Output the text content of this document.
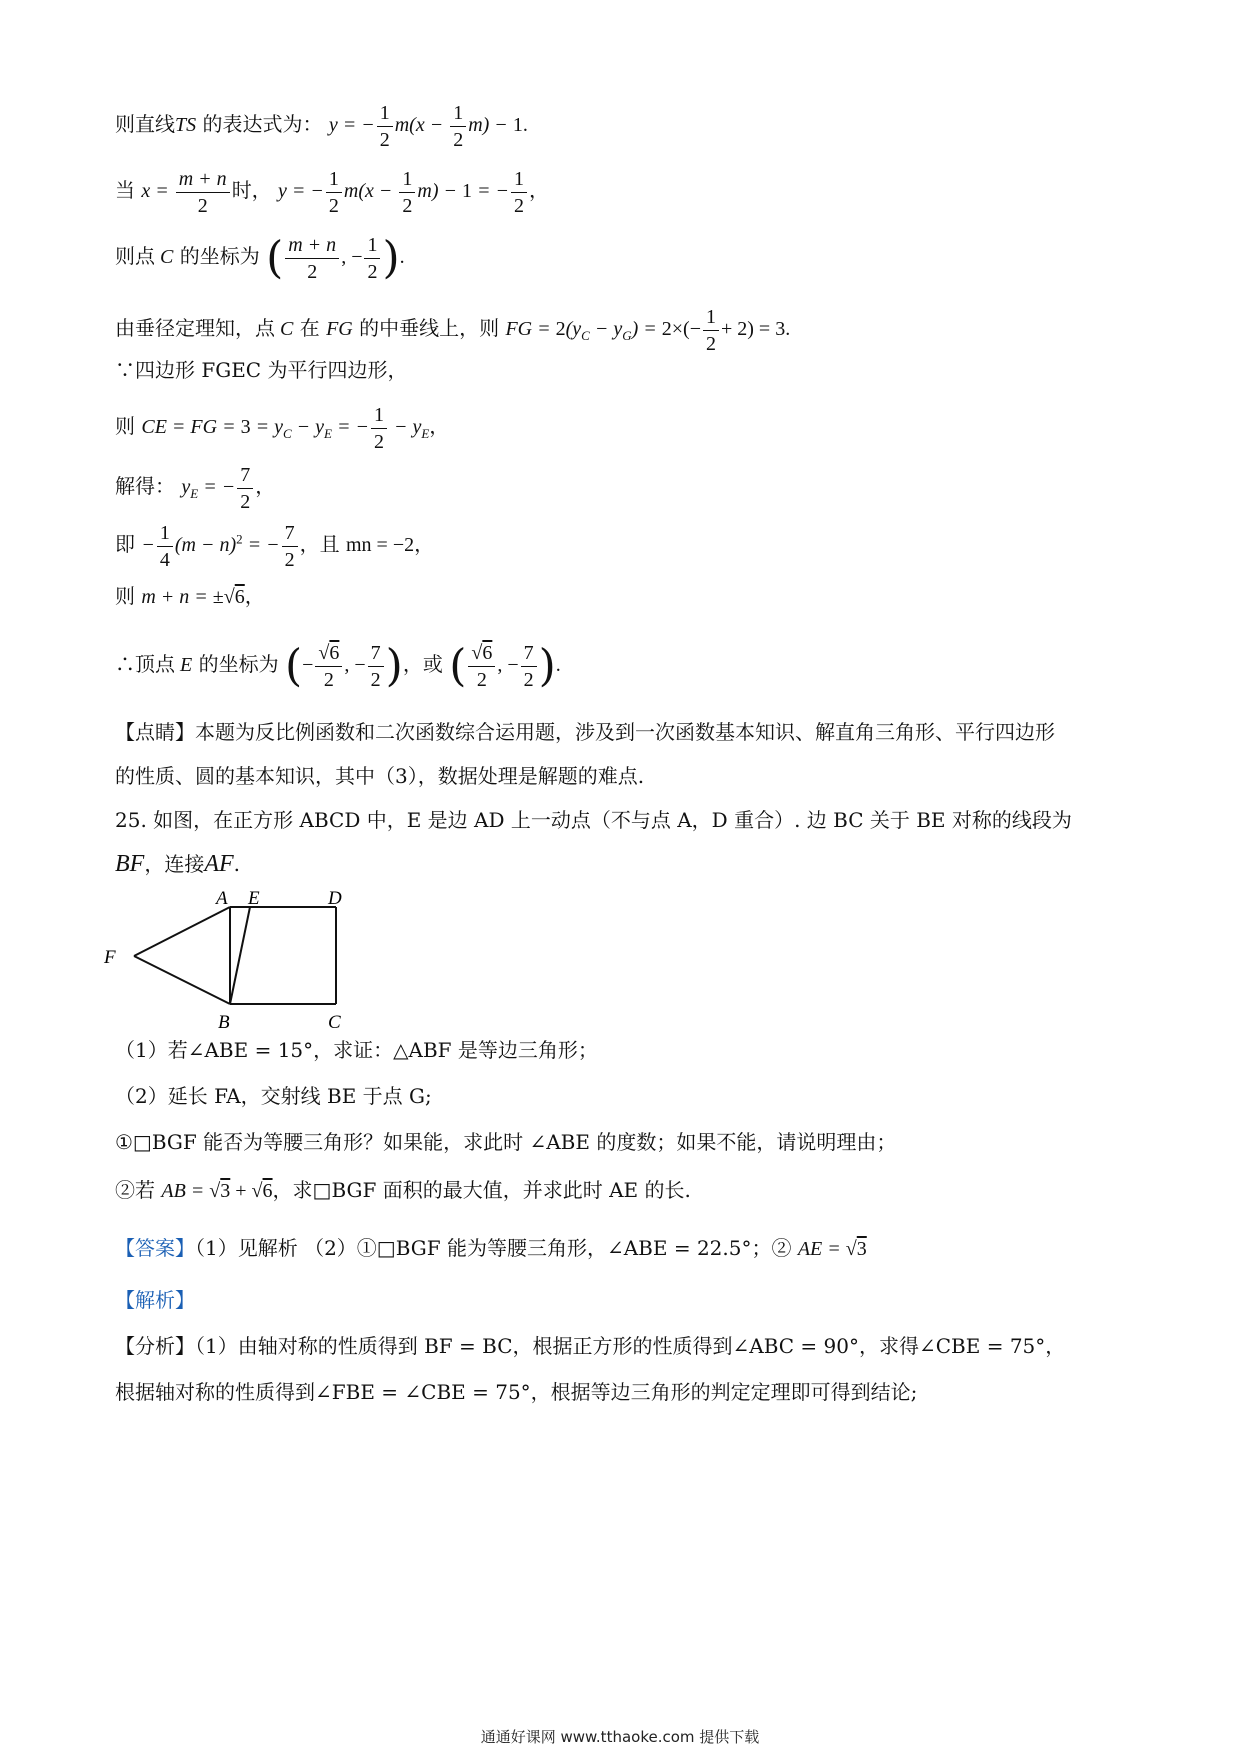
则直线TS 的表达式为： y = − $\frac{1}{2} m(x - \frac{1}{2} m) - 1$.
当 $x = \frac{m + n}{2}$ 时， y = − $\frac{1}{2} m(x - \frac{1}{2} m) - 1$ = − $\frac{1}{2}$ ，
则点 C 的坐标为 ( $\frac{m + n}{2}$ , − $\frac{1}{2}$ ).
由垂径定理知，点 C 在 FG 的中垂线上，则 FG = $2(y_C - y_G) = 2\times(- \frac{1}{2} + 2) = 3$.
∵四边形 FGEC 为平行四边形，
则 CE = FG = $3 = y_C - y_E$ = − $\frac{1}{2} - y_E$，
解得： $y_E$ = − $\frac{7}{2}$ ，
即 − $\frac{1}{4} (m - n)^2$ = − $\frac{7}{2}$ ，且 mn = −2，
则 m + n = ±√6，
∴顶点 E 的坐标为 (− $\frac{√6}{2}$ , − $\frac{7}{2}$ )，或 ( $\frac{√6}{2}$ , − $\frac{7}{2}$ ).
【点睛】本题为反比例函数和二次函数综合运用题，涉及到一次函数基本知识、解直角三角形、平行四边形
的性质、圆的基本知识，其中（3），数据处理是解题的难点.
25. 如图，在正方形 ABCD 中，E 是边 AD 上一动点（不与点 A，D 重合）. 边 BC 关于 BE 对称的线段为
BF，连接AF.
A E	D
F
B	C
（1）若∠ABE = 15°，求证：△ABF 是等边三角形；
（2）延长 FA，交射线 BE 于点 G;
①□BGF 能否为等腰三角形？如果能，求此时 ∠ABE 的度数；如果不能，请说明理由；
②若 AB = √3 + √6，求□BGF 面积的最大值，并求此时 AE 的长.
【答案】（1）见解析 （2）①□BGF 能为等腰三角形，∠ABE = 22.5°；② AE = √3
【解析】
【分析】（1）由轴对称的性质得到 BF = BC，根据正方形的性质得到∠ABC = 90°，求得∠CBE = 75°，
根据轴对称的性质得到∠FBE = ∠CBE = 75°，根据等边三角形的判定定理即可得到结论;
通通好课网 www.tthaoke.com 提供下载
